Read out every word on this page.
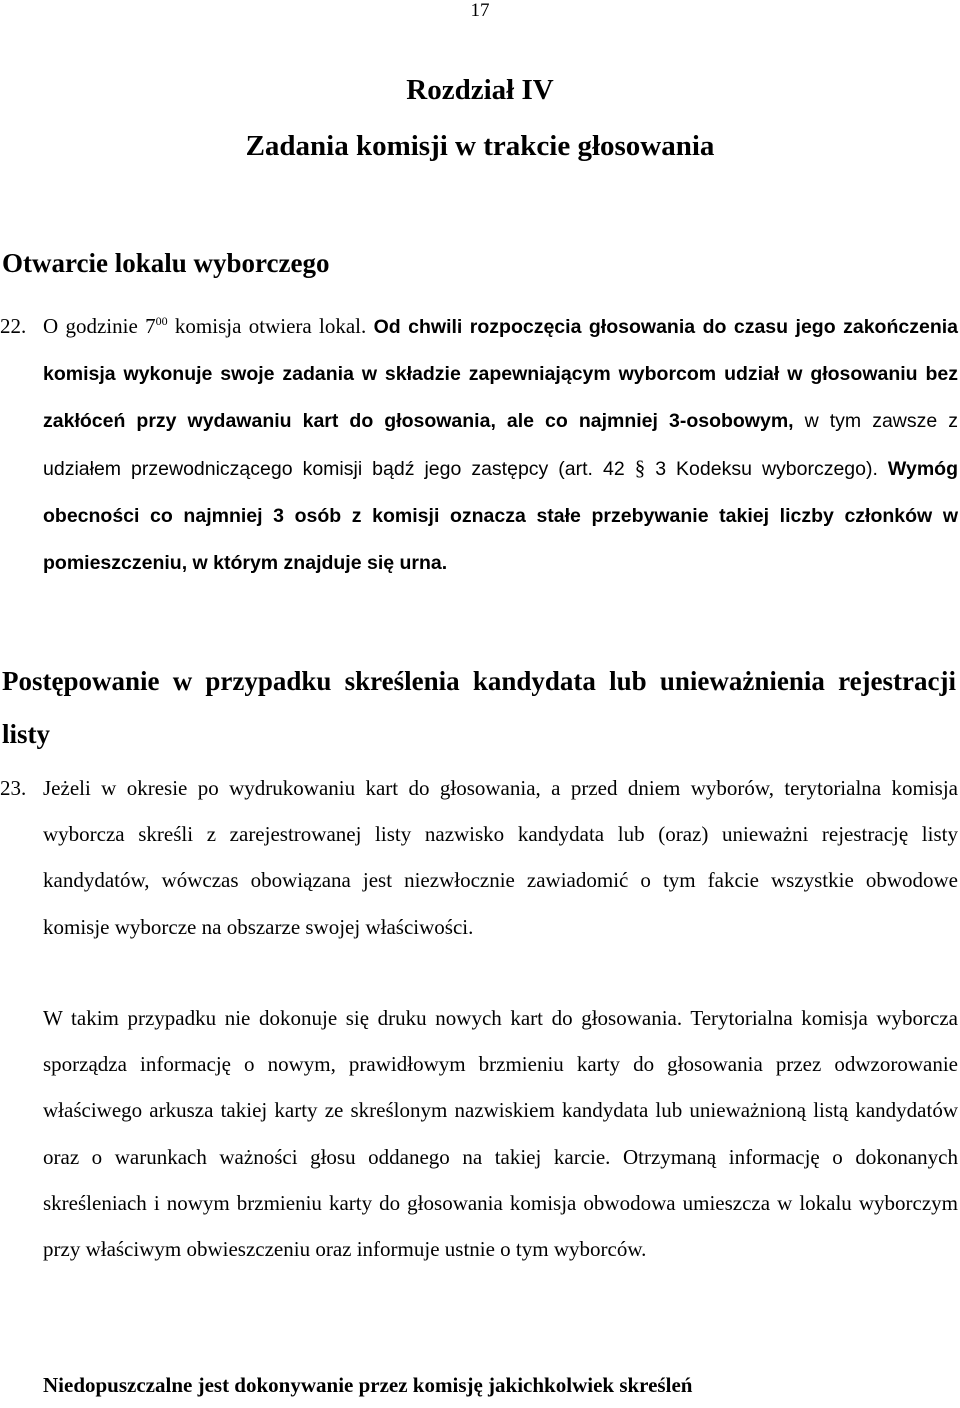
17
Rozdział IV
Zadania komisji w trakcie głosowania
Otwarcie lokalu wyborczego

22. O godzinie $7^{00}$ komisja otwiera lokal. Od chwili rozpoczęcia głosowania do czasu jego zakończenia komisja wykonuje swoje zadania w składzie zapewniającym wyborcom udział w głosowaniu bez zakłóceń przy wydawaniu kart do głosowania, ale co najmniej 3-osobowym, w tym zawsze z udziałem przewodniczącego komisji bądź jego zastępcy (art. 42 § 3 Kodeksu wyborczego). Wymóg obecności co najmniej 3 osób z komisji oznacza stałe przebywanie takiej liczby członków w pomieszczeniu, w którym znajduje się urna.

Postępowanie w przypadku skreślenia kandydata lub unieważnienia rejestracji listy

23. Jeżeli w okresie po wydrukowaniu kart do głosowania, a przed dniem wyborów, terytorialna komisja wyborcza skreśli z zarejestrowanej listy nazwisko kandydata lub (oraz) unieważni rejestrację listy kandydatów, wówczas obowiązana jest niezwłocznie zawiadomić o tym fakcie wszystkie obwodowe komisje wyborcze na obszarze swojej właściwości.

W takim przypadku nie dokonuje się druku nowych kart do głosowania. Terytorialna komisja wyborcza sporządza informację o nowym, prawidłowym brzmieniu karty do głosowania przez odwzorowanie właściwego arkusza takiej karty ze skreślonym nazwiskiem kandydata lub unieważnioną listą kandydatów oraz o warunkach ważności głosu oddanego na takiej karcie. Otrzymaną informację o dokonanych skreśleniach i nowym brzmieniu karty do głosowania komisja obwodowa umieszcza w lokalu wyborczym przy właściwym obwieszczeniu oraz informuje ustnie o tym wyborców.

Niedopuszczalne jest dokonywanie przez komisję jakichkolwiek skreśleń
